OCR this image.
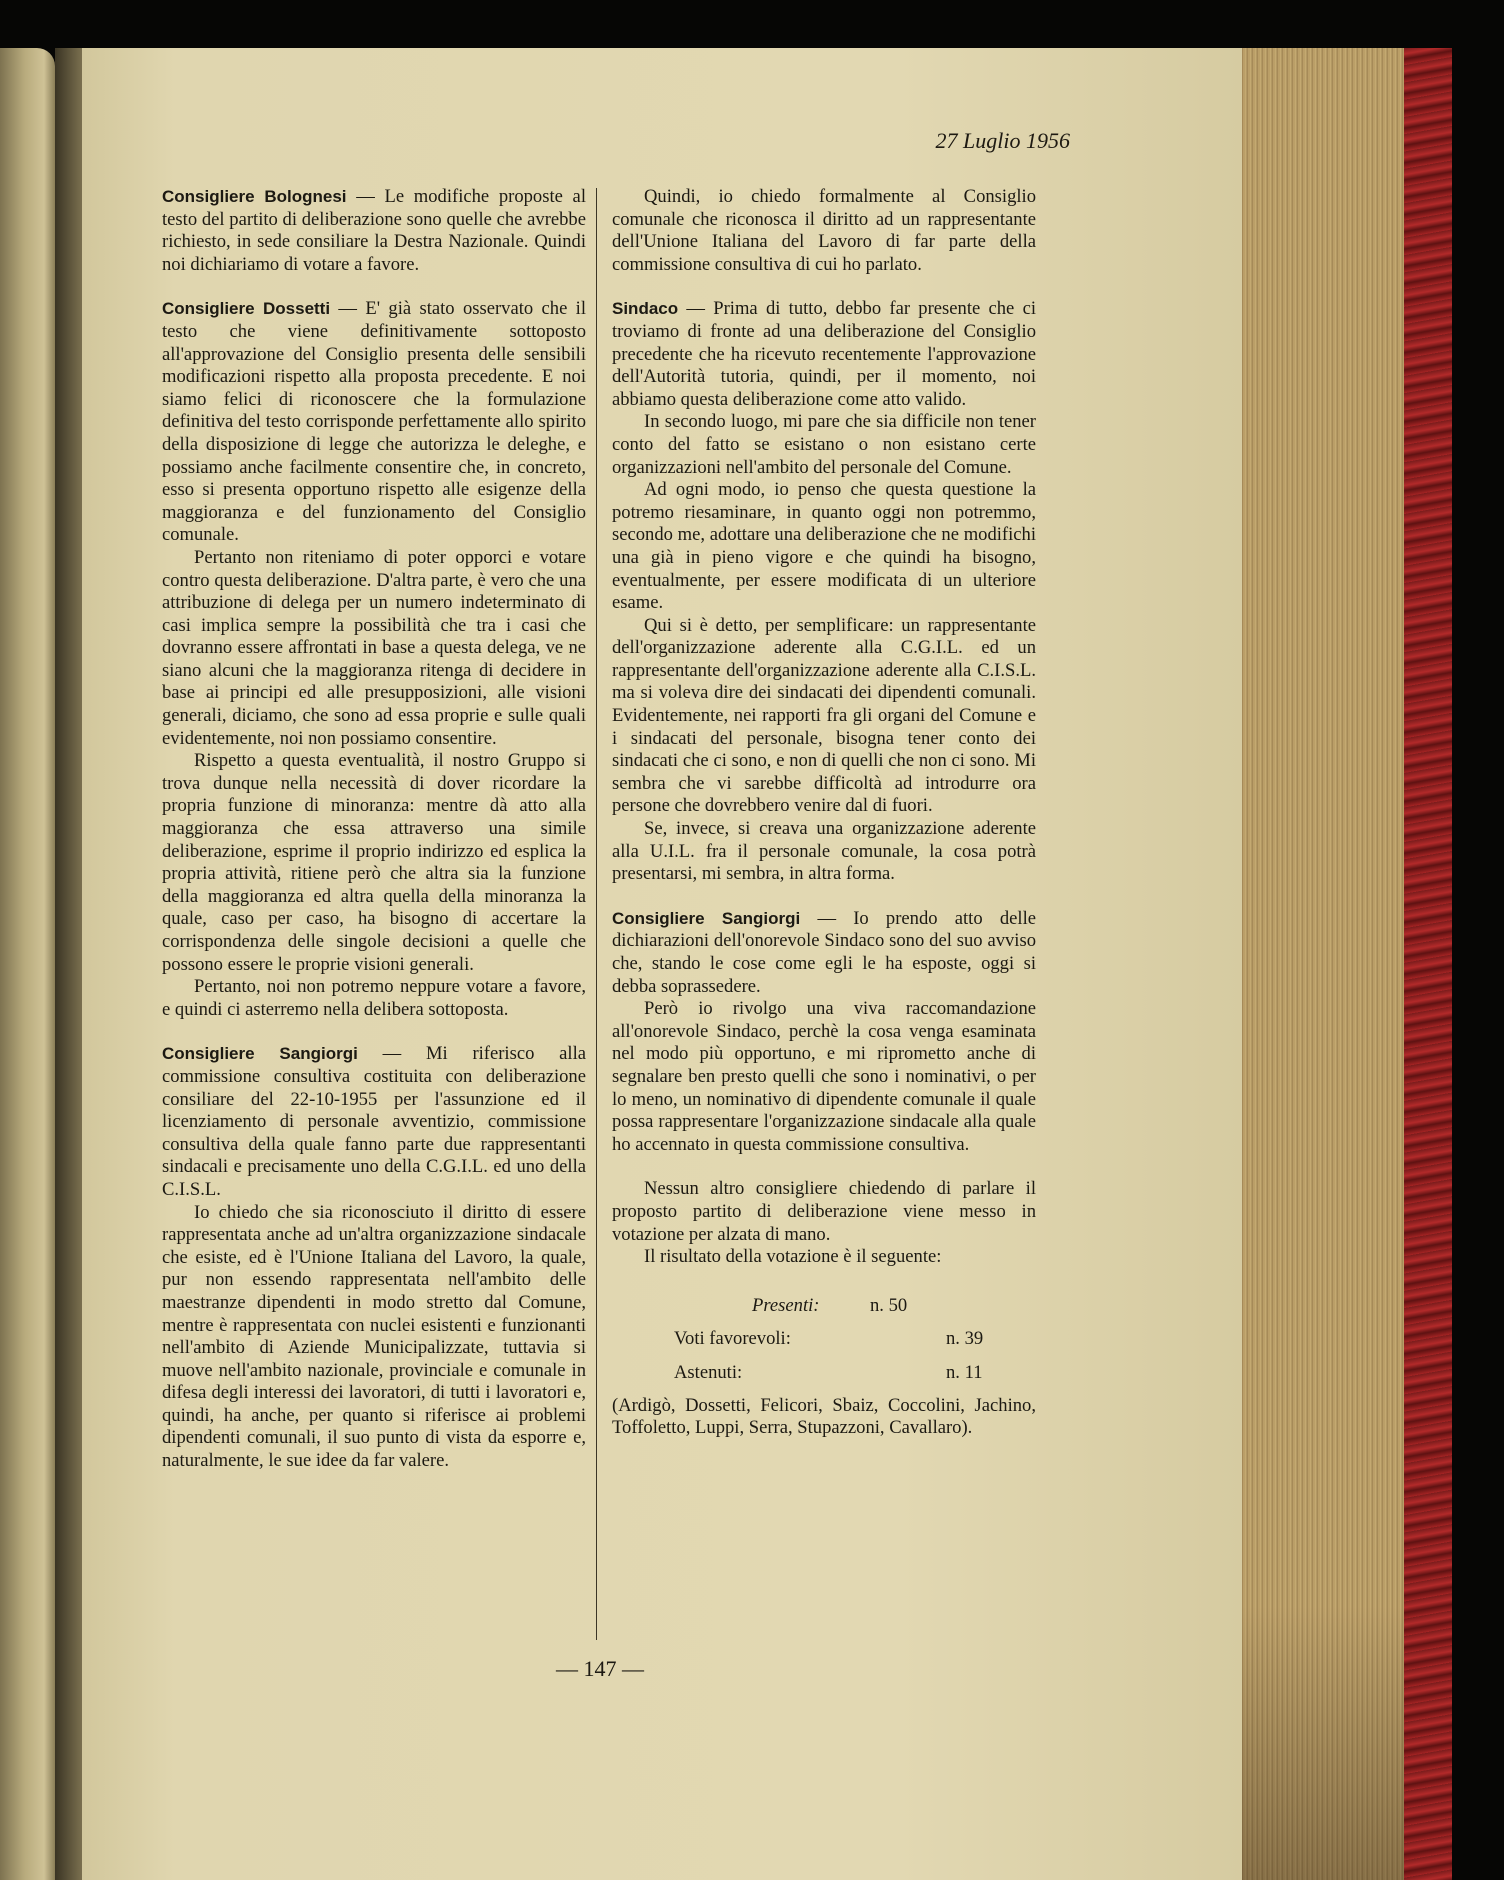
27 Luglio 1956

Consigliere Bolognesi — Le modifiche proposte al testo del partito di deliberazione sono quelle che avrebbe richiesto, in sede consiliare la Destra Nazionale. Quindi noi dichiariamo di votare a favore.

Consigliere Dossetti — E' già stato osservato che il testo che viene definitivamente sottoposto all'approvazione del Consiglio presenta delle sensibili modificazioni rispetto alla proposta precedente. E noi siamo felici di riconoscere che la formulazione definitiva del testo corrisponde perfettamente allo spirito della disposizione di legge che autorizza le deleghe, e possiamo anche facilmente consentire che, in concreto, esso si presenta opportuno rispetto alle esigenze della maggioranza e del funzionamento del Consiglio comunale.

Pertanto non riteniamo di poter opporci e votare contro questa deliberazione. D'altra parte, è vero che una attribuzione di delega per un numero indeterminato di casi implica sempre la possibilità che tra i casi che dovranno essere affrontati in base a questa delega, ve ne siano alcuni che la maggioranza ritenga di decidere in base ai principi ed alle presupposizioni, alle visioni generali, diciamo, che sono ad essa proprie e sulle quali evidentemente, noi non possiamo consentire.

Rispetto a questa eventualità, il nostro Gruppo si trova dunque nella necessità di dover ricordare la propria funzione di minoranza: mentre dà atto alla maggioranza che essa attraverso una simile deliberazione, esprime il proprio indirizzo ed esplica la propria attività, ritiene però che altra sia la funzione della maggioranza ed altra quella della minoranza la quale, caso per caso, ha bisogno di accertare la corrispondenza delle singole decisioni a quelle che possono essere le proprie visioni generali.

Pertanto, noi non potremo neppure votare a favore, e quindi ci asterremo nella delibera sottoposta.

Consigliere Sangiorgi — Mi riferisco alla commissione consultiva costituita con deliberazione consiliare del 22-10-1955 per l'assunzione ed il licenziamento di personale avventizio, commissione consultiva della quale fanno parte due rappresentanti sindacali e precisamente uno della C.G.I.L. ed uno della C.I.S.L.

Io chiedo che sia riconosciuto il diritto di essere rappresentata anche ad un'altra organizzazione sindacale che esiste, ed è l'Unione Italiana del Lavoro, la quale, pur non essendo rappresentata nell'ambito delle maestranze dipendenti in modo stretto dal Comune, mentre è rappresentata con nuclei esistenti e funzionanti nell'ambito di Aziende Municipalizzate, tuttavia si muove nell'ambito nazionale, provinciale e comunale in difesa degli interessi dei lavoratori, di tutti i lavoratori e, quindi, ha anche, per quanto si riferisce ai problemi dipendenti comunali, il suo punto di vista da esporre e, naturalmente, le sue idee da far valere.

Quindi, io chiedo formalmente al Consiglio comunale che riconosca il diritto ad un rappresentante dell'Unione Italiana del Lavoro di far parte della commissione consultiva di cui ho parlato.

Sindaco — Prima di tutto, debbo far presente che ci troviamo di fronte ad una deliberazione del Consiglio precedente che ha ricevuto recentemente l'approvazione dell'Autorità tutoria, quindi, per il momento, noi abbiamo questa deliberazione come atto valido.

In secondo luogo, mi pare che sia difficile non tener conto del fatto se esistano o non esistano certe organizzazioni nell'ambito del personale del Comune.

Ad ogni modo, io penso che questa questione la potremo riesaminare, in quanto oggi non potremmo, secondo me, adottare una deliberazione che ne modifichi una già in pieno vigore e che quindi ha bisogno, eventualmente, per essere modificata di un ulteriore esame.

Qui si è detto, per semplificare: un rappresentante dell'organizzazione aderente alla C.G.I.L. ed un rappresentante dell'organizzazione aderente alla C.I.S.L. ma si voleva dire dei sindacati dei dipendenti comunali. Evidentemente, nei rapporti fra gli organi del Comune e i sindacati del personale, bisogna tener conto dei sindacati che ci sono, e non di quelli che non ci sono. Mi sembra che vi sarebbe difficoltà ad introdurre ora persone che dovrebbero venire dal di fuori.

Se, invece, si creava una organizzazione aderente alla U.I.L. fra il personale comunale, la cosa potrà presentarsi, mi sembra, in altra forma.

Consigliere Sangiorgi — Io prendo atto delle dichiarazioni dell'onorevole Sindaco sono del suo avviso che, stando le cose come egli le ha esposte, oggi si debba soprassedere.

Però io rivolgo una viva raccomandazione all'onorevole Sindaco, perchè la cosa venga esaminata nel modo più opportuno, e mi riprometto anche di segnalare ben presto quelli che sono i nominativi, o per lo meno, un nominativo di dipendente comunale il quale possa rappresentare l'organizzazione sindacale alla quale ho accennato in questa commissione consultiva.

Nessun altro consigliere chiedendo di parlare il proposto partito di deliberazione viene messo in votazione per alzata di mano.

Il risultato della votazione è il seguente:

Presenti:	n. 50
Voti favorevoli:	n. 39
Astenuti:	n. 11
(Ardigò, Dossetti, Felicori, Sbaiz, Coccolini, Jachino, Toffoletto, Luppi, Serra, Stupazzoni, Cavallaro).

— 147 —
